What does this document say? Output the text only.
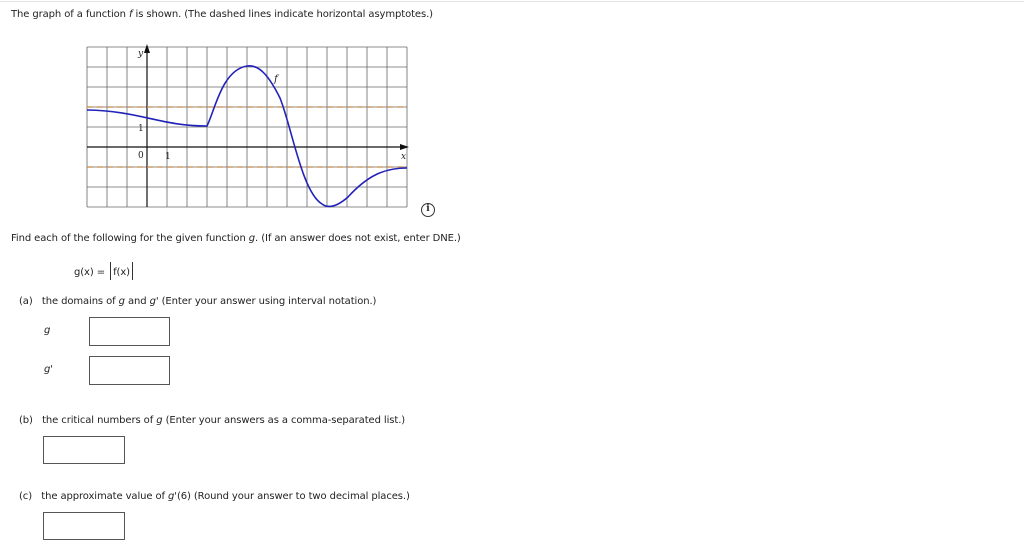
The graph of a function f is shown. (The dashed lines indicate horizontal asymptotes.)
y
x
f
1
1
0
i
Find each of the following for the given function g. (If an answer does not exist, enter DNE.)
g(x) = f(x)
(a) the domains of g and g' (Enter your answer using interval notation.)
g
g'
(b) the critical numbers of g (Enter your answers as a comma-separated list.)
(c) the approximate value of g'(6) (Round your answer to two decimal places.)
